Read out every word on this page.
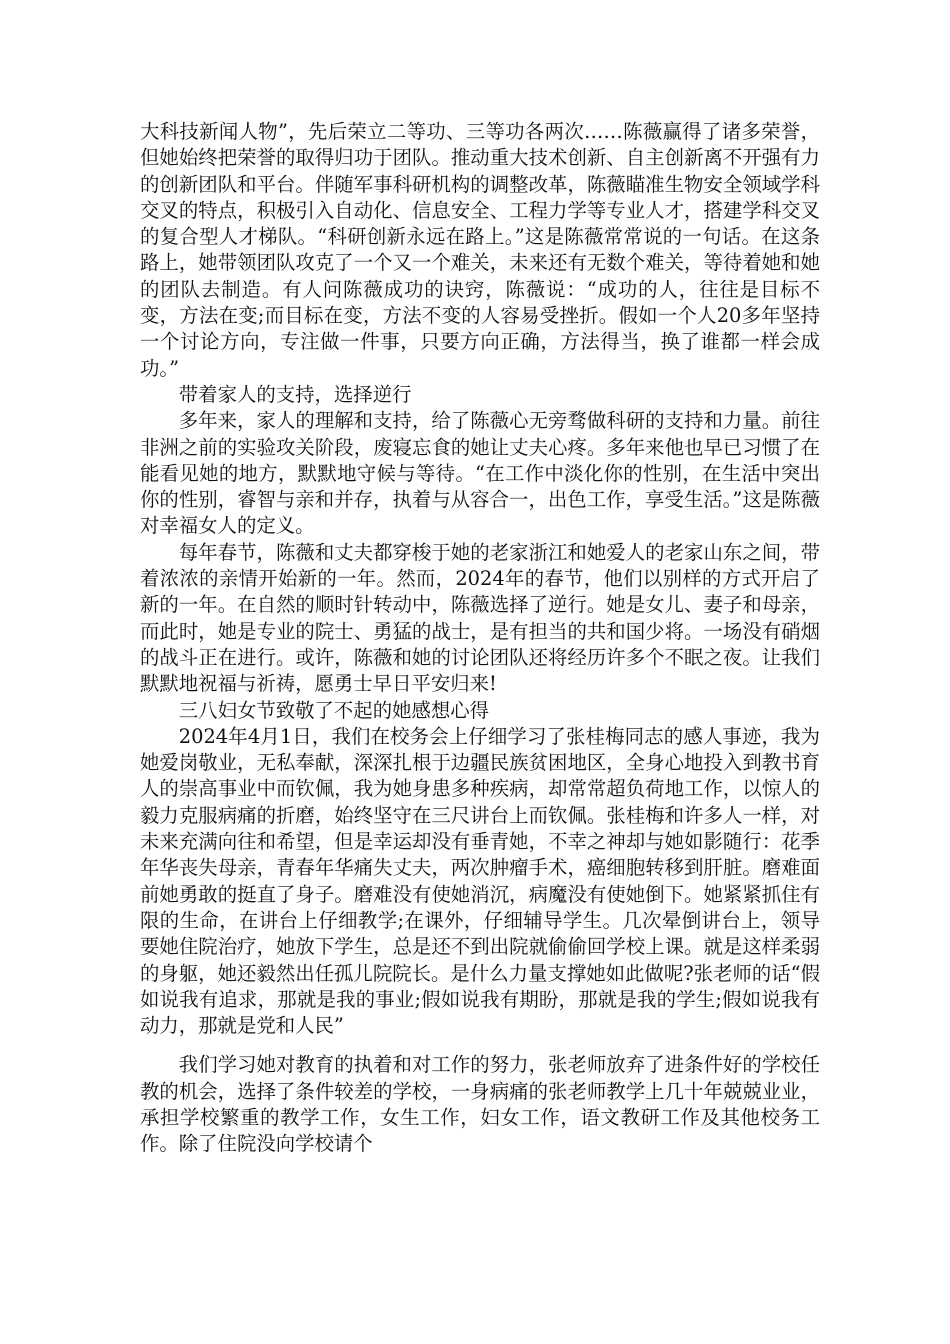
大科技新闻人物”，先后荣立二等功、三等功各两次……陈薇赢得了诸多荣誉，但她始终把荣誉的取得归功于团队。推动重大技术创新、自主创新离不开强有力的创新团队和平台。伴随军事科研机构的调整改革，陈薇瞄准生物安全领域学科交叉的特点，积极引入自动化、信息安全、工程力学等专业人才，搭建学科交叉的复合型人才梯队。“科研创新永远在路上。”这是陈薇常常说的一句话。在这条路上，她带领团队攻克了一个又一个难关，未来还有无数个难关，等待着她和她的团队去制造。有人问陈薇成功的诀窍，陈薇说：“成功的人，往往是目标不变，方法在变;而目标在变，方法不变的人容易受挫折。假如一个人20多年坚持一个讨论方向，专注做一件事，只要方向正确，方法得当，换了谁都一样会成功。”

带着家人的支持，选择逆行

多年来，家人的理解和支持，给了陈薇心无旁骛做科研的支持和力量。前往非洲之前的实验攻关阶段，废寝忘食的她让丈夫心疼。多年来他也早已习惯了在能看见她的地方，默默地守候与等待。“在工作中淡化你的性别，在生活中突出你的性别，睿智与亲和并存，执着与从容合一，出色工作，享受生活。”这是陈薇对幸福女人的定义。

每年春节，陈薇和丈夫都穿梭于她的老家浙江和她爱人的老家山东之间，带着浓浓的亲情开始新的一年。然而，2024年的春节，他们以别样的方式开启了新的一年。在自然的顺时针转动中，陈薇选择了逆行。她是女儿、妻子和母亲，而此时，她是专业的院士、勇猛的战士，是有担当的共和国少将。一场没有硝烟的战斗正在进行。或许，陈薇和她的讨论团队还将经历许多个不眠之夜。让我们默默地祝福与祈祷，愿勇士早日平安归来!

三八妇女节致敬了不起的她感想心得

2024年4月1日，我们在校务会上仔细学习了张桂梅同志的感人事迹，我为她爱岗敬业，无私奉献，深深扎根于边疆民族贫困地区，全身心地投入到教书育人的崇高事业中而钦佩，我为她身患多种疾病，却常常超负荷地工作，以惊人的毅力克服病痛的折磨，始终坚守在三尺讲台上而钦佩。张桂梅和许多人一样，对未来充满向往和希望，但是幸运却没有垂青她，不幸之神却与她如影随行：花季年华丧失母亲，青春年华痛失丈夫，两次肿瘤手术，癌细胞转移到肝脏。磨难面前她勇敢的挺直了身子。磨难没有使她消沉，病魔没有使她倒下。她紧紧抓住有限的生命，在讲台上仔细教学;在课外，仔细辅导学生。几次晕倒讲台上，领导要她住院治疗，她放下学生，总是还不到出院就偷偷回学校上课。就是这样柔弱的身躯，她还毅然出任孤儿院院长。是什么力量支撑她如此做呢?张老师的话“假如说我有追求，那就是我的事业;假如说我有期盼，那就是我的学生;假如说我有动力，那就是党和人民”

我们学习她对教育的执着和对工作的努力，张老师放弃了进条件好的学校任教的机会，选择了条件较差的学校，一身病痛的张老师教学上几十年兢兢业业，承担学校繁重的教学工作，女生工作，妇女工作，语文教研工作及其他校务工作。除了住院没向学校请个
